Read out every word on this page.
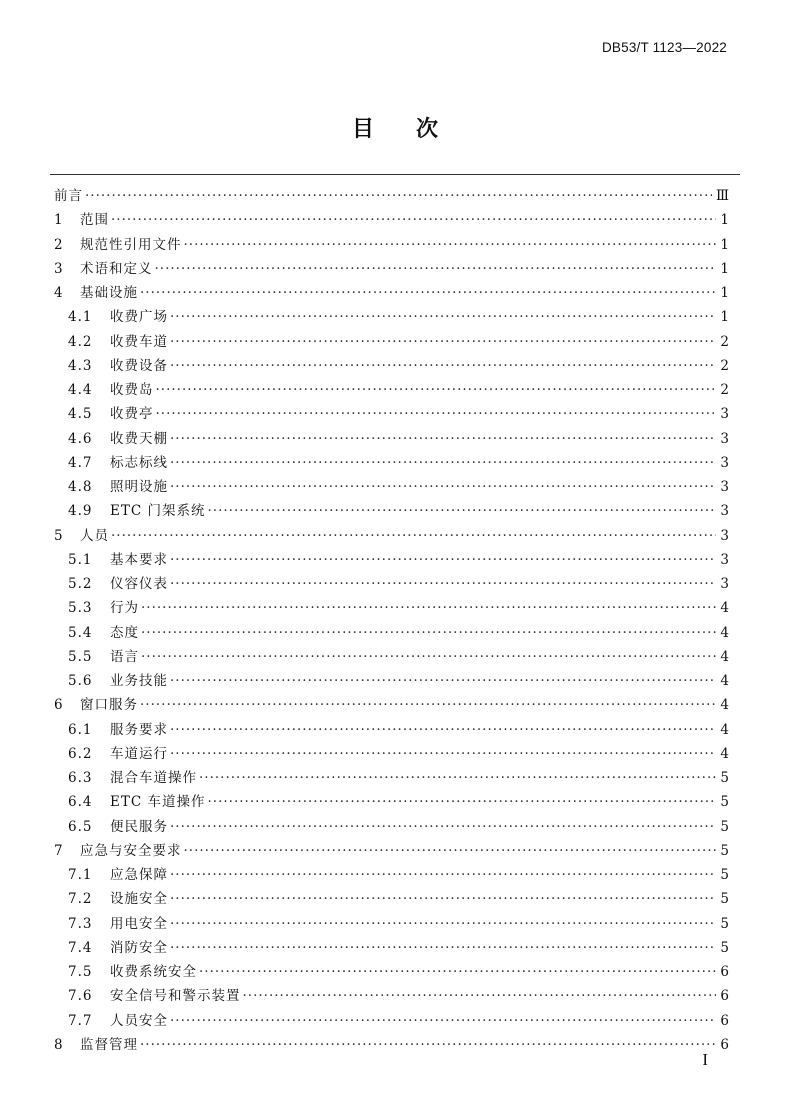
DB53/T 1123—2022
目次
前言 ·····	Ⅲ
1	范围 ·····	1
2	规范性引用文件 ·····	1
3	术语和定义 ·····	1
4	基础设施 ·····	1
4.1	收费广场 ·····	1
4.2	收费车道 ·····	2
4.3	收费设备 ·····	2
4.4	收费岛 ·····	2
4.5	收费亭 ·····	3
4.6	收费天棚 ·····	3
4.7	标志标线 ·····	3
4.8	照明设施 ·····	3
4.9	ETC 门架系统 ·····	3
5	人员 ·····	3
5.1	基本要求 ·····	3
5.2	仪容仪表 ·····	3
5.3	行为 ·····	4
5.4	态度 ·····	4
5.5	语言 ·····	4
5.6	业务技能 ·····	4
6	窗口服务 ·····	4
6.1	服务要求 ·····	4
6.2	车道运行 ·····	4
6.3	混合车道操作 ·····	5
6.4	ETC 车道操作 ·····	5
6.5	便民服务 ·····	5
7	应急与安全要求 ·····	5
7.1	应急保障 ·····	5
7.2	设施安全 ·····	5
7.3	用电安全 ·····	5
7.4	消防安全 ·····	5
7.5	收费系统安全 ·····	6
7.6	安全信号和警示装置 ·····	6
7.7	人员安全 ·····	6
8	监督管理 ·····	6
I
